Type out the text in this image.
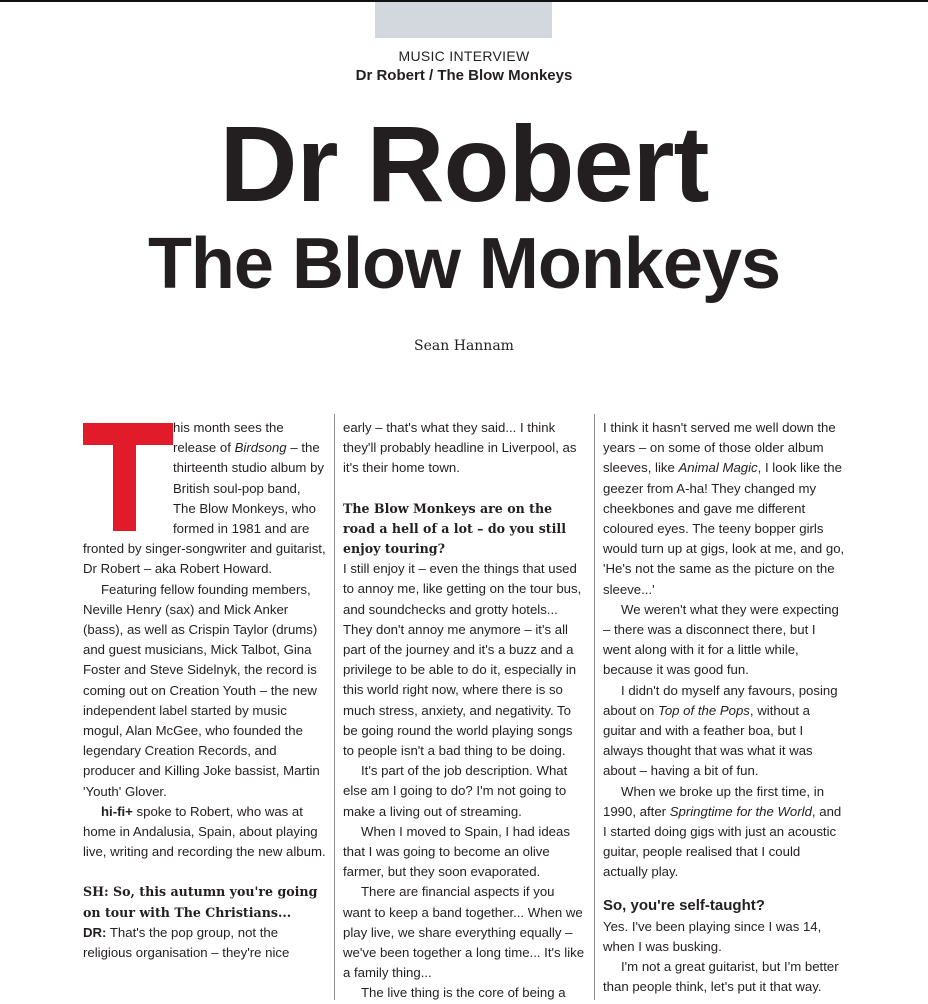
MUSIC INTERVIEW
Dr Robert / The Blow Monkeys
Dr Robert
The Blow Monkeys
Sean Hannam

his month sees the release of Birdsong – the thirteenth studio album by British soul-pop band, The Blow Monkeys, who formed in 1981 and are fronted by singer-songwriter and guitarist, Dr Robert – aka Robert Howard.

Featuring fellow founding members, Neville Henry (sax) and Mick Anker (bass), as well as Crispin Taylor (drums) and guest musicians, Mick Talbot, Gina Foster and Steve Sidelnyk, the record is coming out on Creation Youth – the new independent label started by music mogul, Alan McGee, who founded the legendary Creation Records, and producer and Killing Joke bassist, Martin 'Youth' Glover.

hi-fi+ spoke to Robert, who was at home in Andalusia, Spain, about playing live, writing and recording the new album.

SH: So, this autumn you're going on tour with The Christians...

DR: That's the pop group, not the religious organisation – they're nice

early – that's what they said... I think they'll probably headline in Liverpool, as it's their home town.

The Blow Monkeys are on the road a hell of a lot – do you still enjoy touring?

I still enjoy it – even the things that used to annoy me, like getting on the tour bus, and soundchecks and grotty hotels... They don't annoy me anymore – it's all part of the journey and it's a buzz and a privilege to be able to do it, especially in this world right now, where there is so much stress, anxiety, and negativity. To be going round the world playing songs to people isn't a bad thing to be doing.

It's part of the job description. What else am I going to do? I'm not going to make a living out of streaming.

When I moved to Spain, I had ideas that I was going to become an olive farmer, but they soon evaporated.

There are financial aspects if you want to keep a band together... When we play live, we share everything equally – we've been together a long time... It's like a family thing...

The live thing is the core of being a

I think it hasn't served me well down the years – on some of those older album sleeves, like Animal Magic, I look like the geezer from A-ha! They changed my cheekbones and gave me different coloured eyes. The teeny bopper girls would turn up at gigs, look at me, and go, 'He's not the same as the picture on the sleeve...'

We weren't what they were expecting – there was a disconnect there, but I went along with it for a little while, because it was good fun.

I didn't do myself any favours, posing about on Top of the Pops, without a guitar and with a feather boa, but I always thought that was what it was about – having a bit of fun.

When we broke up the first time, in 1990, after Springtime for the World, and I started doing gigs with just an acoustic guitar, people realised that I could actually play.

So, you're self-taught?

Yes. I've been playing since I was 14, when I was busking.

I'm not a great guitarist, but I'm better than people think, let's put it that way.
